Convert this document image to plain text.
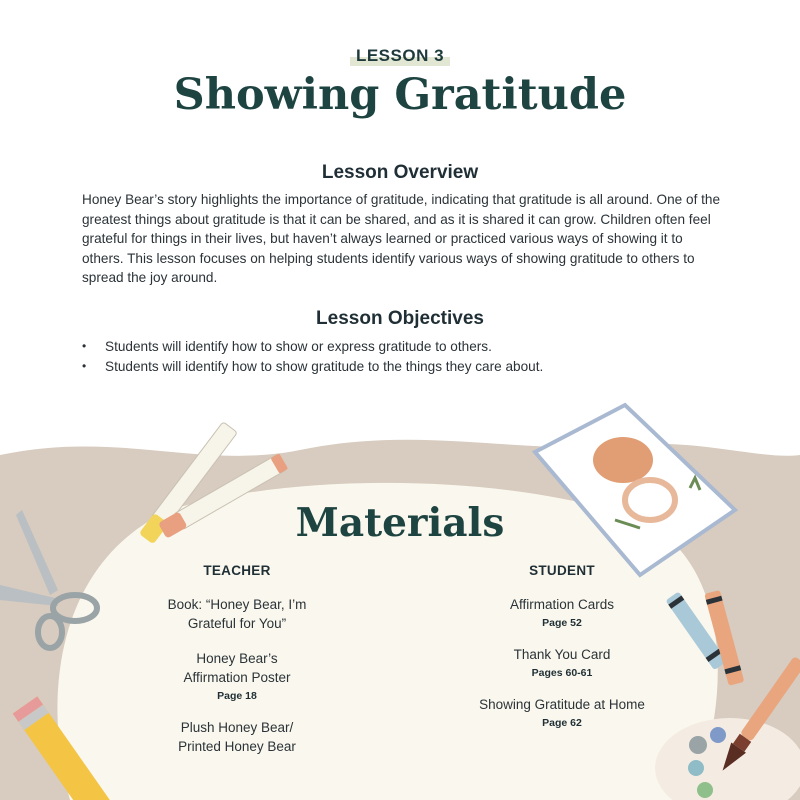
LESSON 3
Showing Gratitude
Lesson Overview

Honey Bear’s story highlights the importance of gratitude, indicating that gratitude is all around. One of the greatest things about gratitude is that it can be shared, and as it is shared it can grow. Children often feel grateful for things in their lives, but haven’t always learned or practiced various ways of showing it to others. This lesson focuses on helping students identify various ways of showing gratitude to others to spread the joy around.

Lesson Objectives
• Students will identify how to show or express gratitude to others.
• Students will identify how to show gratitude to the things they care about.
Materials
TEACHER
Book: “Honey Bear, I’m
Grateful for You”
Honey Bear’s
Affirmation Poster
Page 18
Plush Honey Bear/
Printed Honey Bear
STUDENT
Affirmation Cards
Page 52
Thank You Card
Pages 60-61
Showing Gratitude at Home
Page 62
